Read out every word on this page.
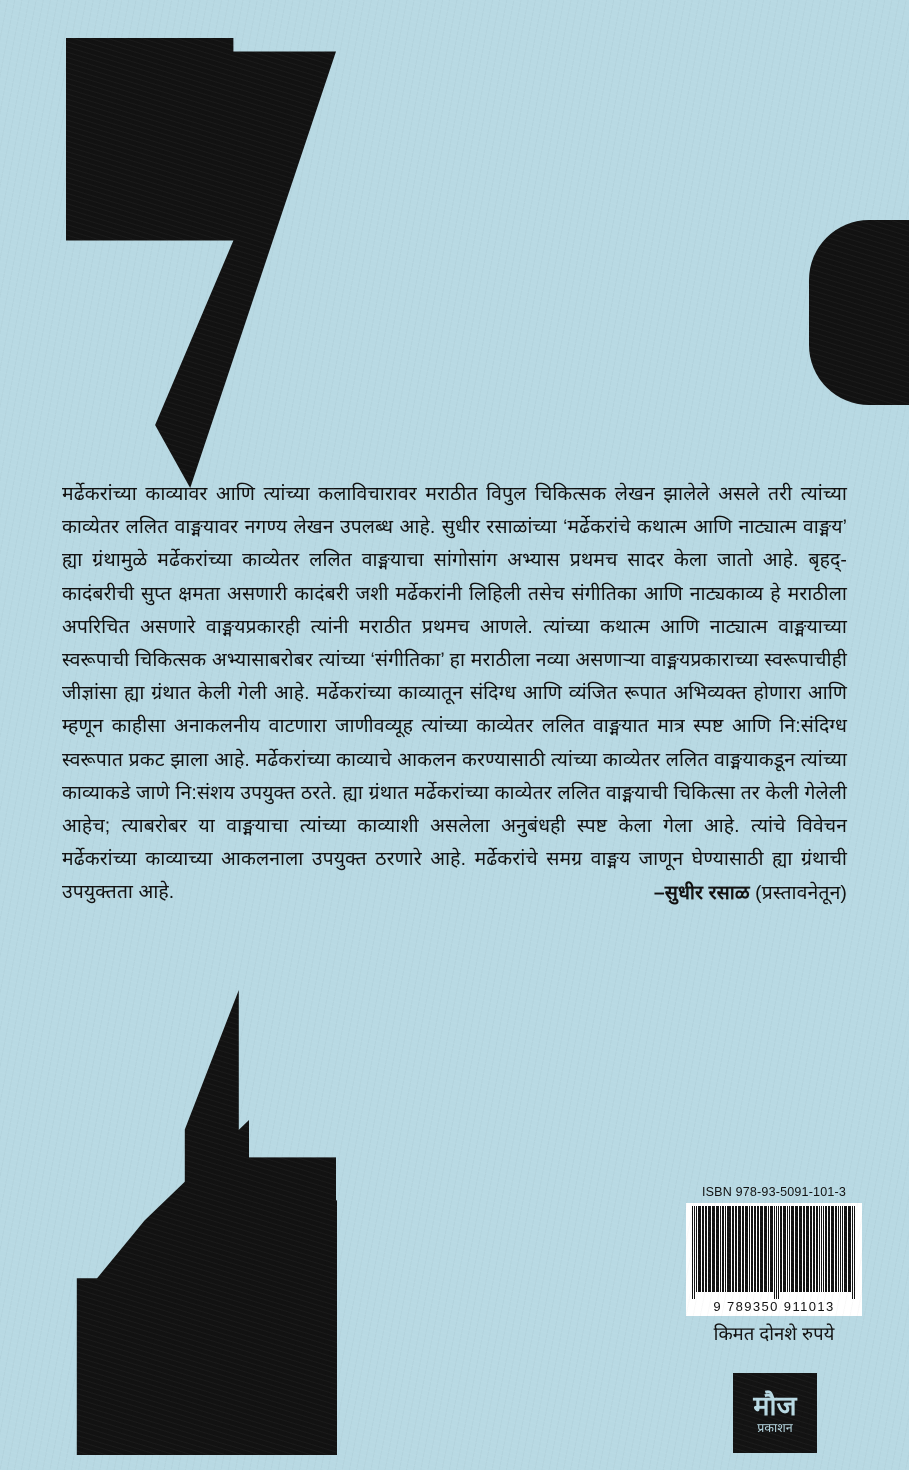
मर्ढेकरांच्या काव्यावर आणि त्यांच्या कलाविचारावर मराठीत विपुल चिकित्सक लेखन झालेले असले तरी त्यांच्या काव्येतर ललित वाङ्मयावर नगण्य लेखन उपलब्ध आहे. सुधीर रसाळांच्या ‘मर्ढेकरांचे कथात्म आणि नाट्यात्म वाङ्मय’ ह्या ग्रंथामुळे मर्ढेकरांच्या काव्येतर ललित वाङ्मयाचा सांगोसांग अभ्यास प्रथमच सादर केला जातो आहे. बृहद्-कादंबरीची सुप्त क्षमता असणारी कादंबरी जशी मर्ढेकरांनी लिहिली तसेच संगीतिका आणि नाट्यकाव्य हे मराठीला अपरिचित असणारे वाङ्मयप्रकारही त्यांनी मराठीत प्रथमच आणले. त्यांच्या कथात्म आणि नाट्यात्म वाङ्मयाच्या स्वरूपाची चिकित्सक अभ्यासाबरोबर त्यांच्या ‘संगीतिका’ हा मराठीला नव्या असणाऱ्या वाङ्मयप्रकाराच्या स्वरूपाचीही जीज्ञांसा ह्या ग्रंथात केली गेली आहे. मर्ढेकरांच्या काव्यातून संदिग्ध आणि व्यंजित रूपात अभिव्यक्त होणारा आणि म्हणून काहीसा अनाकलनीय वाटणारा जाणीवव्यूह त्यांच्या काव्येतर ललित वाङ्मयात मात्र स्पष्ट आणि नि:संदिग्ध स्वरूपात प्रकट झाला आहे. मर्ढेकरांच्या काव्याचे आकलन करण्यासाठी त्यांच्या काव्येतर ललित वाङ्मयाकडून त्यांच्या काव्याकडे जाणे नि:संशय उपयुक्त ठरते. ह्या ग्रंथात मर्ढेकरांच्या काव्येतर ललित वाङ्मयाची चिकित्सा तर केली गेलेली आहेच; त्याबरोबर या वाङ्मयाचा त्यांच्या काव्याशी असलेला अनुबंधही स्पष्ट केला गेला आहे. त्यांचे विवेचन मर्ढेकरांच्या काव्याच्या आकलनाला उपयुक्त ठरणारे आहे. मर्ढेकरांचे समग्र वाङ्मय जाणून घेण्यासाठी ह्या ग्रंथाची उपयुक्तता आहे.	–सुधीर रसाळ (प्रस्तावनेतून)
ISBN 978-93-5091-101-3
9 789350 911013
किमत दोनशे रुपये
मौज
प्रकाशन
